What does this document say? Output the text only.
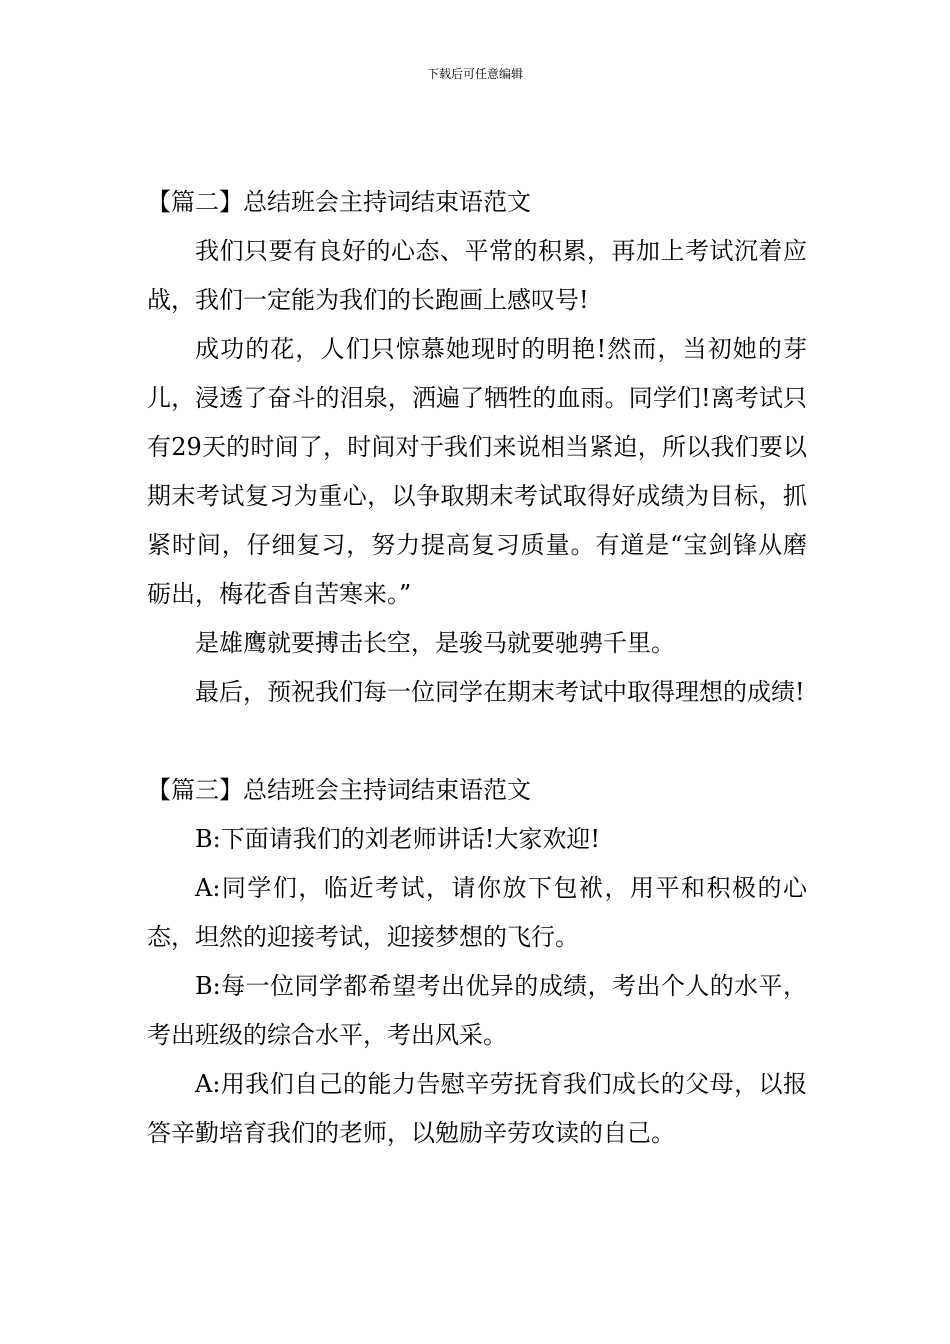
下载后可任意编辑
【篇二】总结班会主持词结束语范文

我们只要有良好的心态、平常的积累，再加上考试沉着应战，我们一定能为我们的长跑画上感叹号!

成功的花，人们只惊慕她现时的明艳!然而，当初她的芽儿，浸透了奋斗的泪泉，洒遍了牺牲的血雨。同学们!离考试只有29天的时间了，时间对于我们来说相当紧迫，所以我们要以期末考试复习为重心，以争取期末考试取得好成绩为目标，抓紧时间，仔细复习，努力提高复习质量。有道是“宝剑锋从磨砺出，梅花香自苦寒来。”

是雄鹰就要搏击长空，是骏马就要驰骋千里。

最后，预祝我们每一位同学在期末考试中取得理想的成绩!

【篇三】总结班会主持词结束语范文

B:下面请我们的刘老师讲话!大家欢迎!

A:同学们，临近考试，请你放下包袱，用平和积极的心态，坦然的迎接考试，迎接梦想的飞行。

B:每一位同学都希望考出优异的成绩，考出个人的水平，考出班级的综合水平，考出风采。

A:用我们自己的能力告慰辛劳抚育我们成长的父母，以报答辛勤培育我们的老师，以勉励辛劳攻读的自己。
